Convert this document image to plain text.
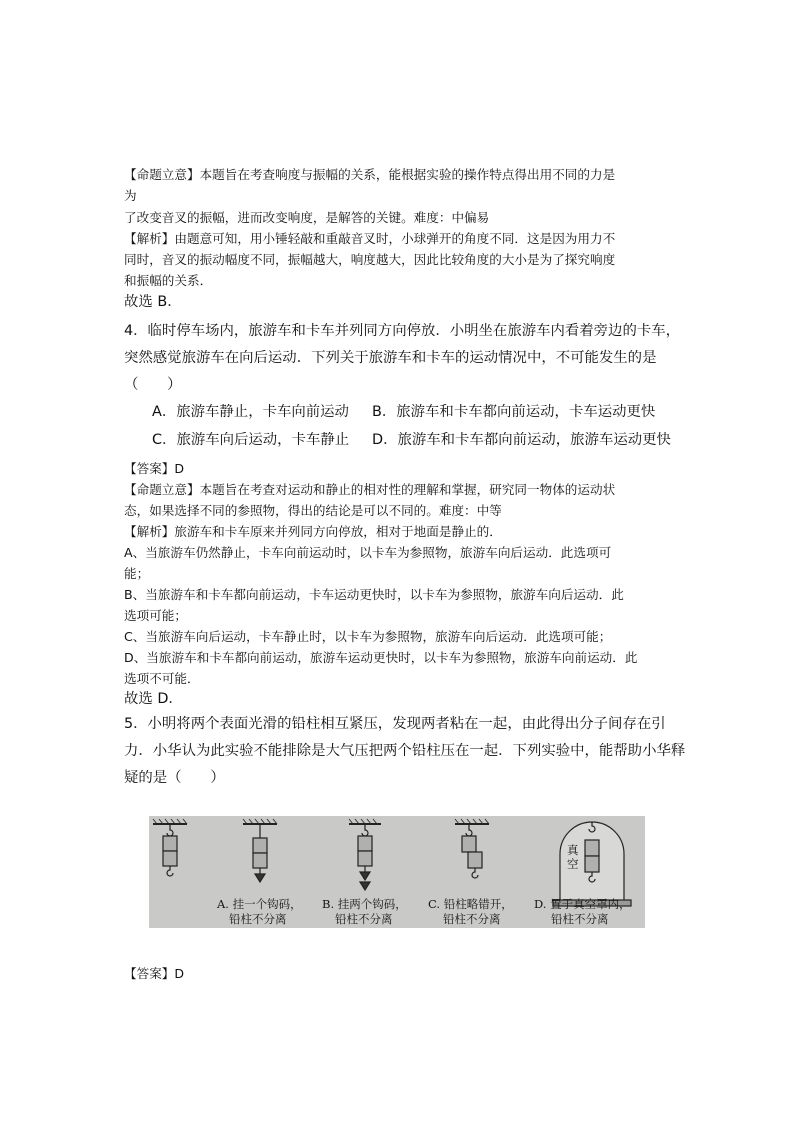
【命题立意】本题旨在考查响度与振幅的关系，能根据实验的操作特点得出用不同的力是
为
了改变音叉的振幅，进而改变响度，是解答的关键。难度：中偏易
【解析】由题意可知，用小锤轻敲和重敲音叉时，小球弹开的角度不同．这是因为用力不
同时，音叉的振动幅度不同，振幅越大，响度越大，因此比较角度的大小是为了探究响度
和振幅的关系．
故选 B．
4．临时停车场内，旅游车和卡车并列同方向停放．小明坐在旅游车内看着旁边的卡车，
突然感觉旅游车在向后运动．下列关于旅游车和卡车的运动情况中，不可能发生的是
（　　）
A．旅游车静止，卡车向前运动 B．旅游车和卡车都向前运动，卡车运动更快
C．旅游车向后运动，卡车静止 D．旅游车和卡车都向前运动，旅游车运动更快
【答案】D
【命题立意】本题旨在考查对运动和静止的相对性的理解和掌握，研究同一物体的运动状
态，如果选择不同的参照物，得出的结论是可以不同的。难度：中等
【解析】旅游车和卡车原来并列同方向停放，相对于地面是静止的．
A、当旅游车仍然静止，卡车向前运动时，以卡车为参照物，旅游车向后运动．此选项可
能；
B、当旅游车和卡车都向前运动，卡车运动更快时，以卡车为参照物，旅游车向后运动．此
选项可能；
C、当旅游车向后运动，卡车静止时，以卡车为参照物，旅游车向后运动．此选项可能；
D、当旅游车和卡车都向前运动，旅游车运动更快时，以卡车为参照物，旅游车向前运动．此
选项不可能．
故选 D．
5．小明将两个表面光滑的铅柱相互紧压，发现两者粘在一起，由此得出分子间存在引
力．小华认为此实验不能排除是大气压把两个铅柱压在一起．下列实验中，能帮助小华释
疑的是（　　）
真
空
A. 挂一个钩码，
铅柱不分离
B. 挂两个钩码，
铅柱不分离
C. 铅柱略错开，
铅柱不分离
D. 置于真空罩内，
铅柱不分离
【答案】D
